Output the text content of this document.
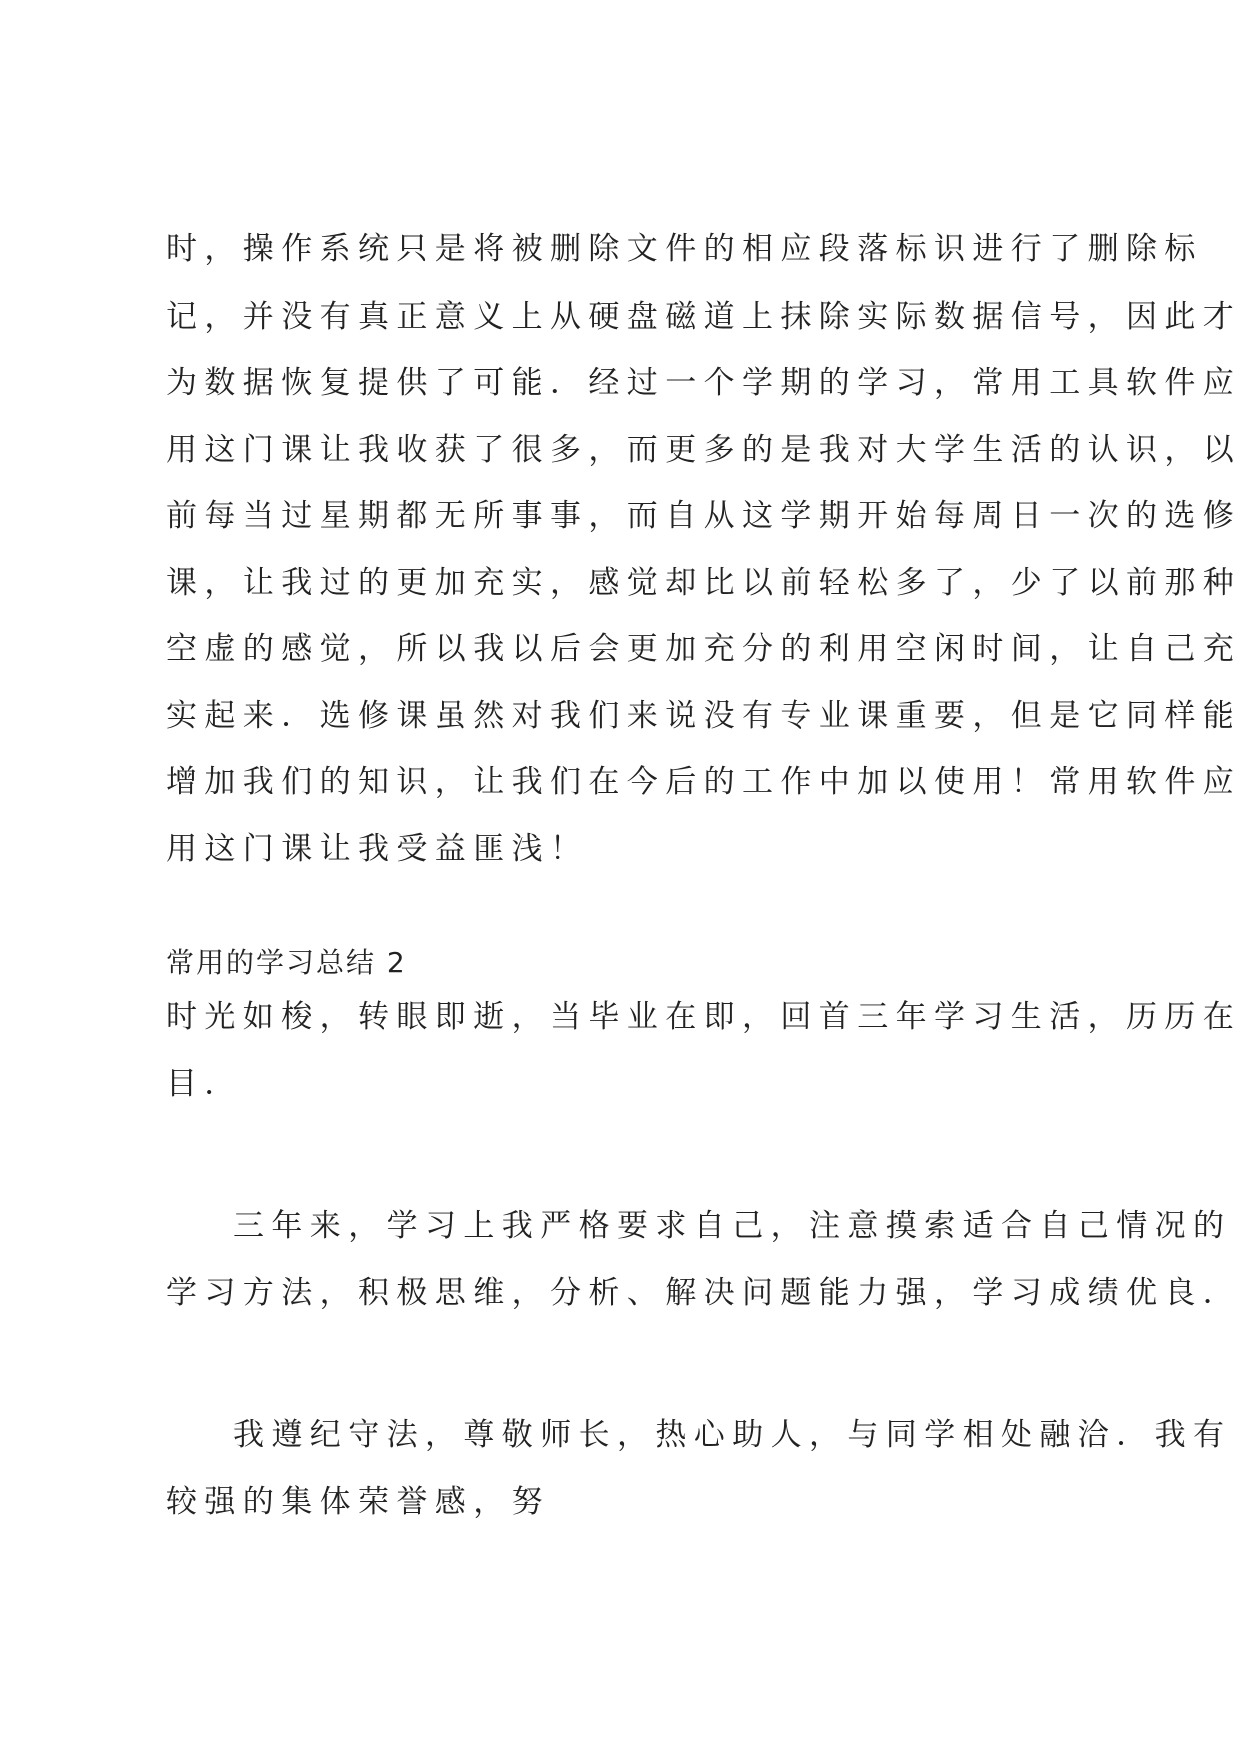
时，操作系统只是将被删除文件的相应段落标识进行了删除标
记，并没有真正意义上从硬盘磁道上抹除实际数据信号，因此才
为数据恢复提供了可能．经过一个学期的学习，常用工具软件应
用这门课让我收获了很多，而更多的是我对大学生活的认识，以
前每当过星期都无所事事，而自从这学期开始每周日一次的选修
课，让我过的更加充实，感觉却比以前轻松多了，少了以前那种
空虚的感觉，所以我以后会更加充分的利用空闲时间，让自己充
实起来．选修课虽然对我们来说没有专业课重要，但是它同样能
增加我们的知识，让我们在今后的工作中加以使用！常用软件应
用这门课让我受益匪浅！
常用的学习总结 2
时光如梭，转眼即逝，当毕业在即，回首三年学习生活，历历在
目．
三年来，学习上我严格要求自己，注意摸索适合自己情况的
学习方法，积极思维，分析、解决问题能力强，学习成绩优良．
我遵纪守法，尊敬师长，热心助人，与同学相处融洽．我有
较强的集体荣誉感，努
